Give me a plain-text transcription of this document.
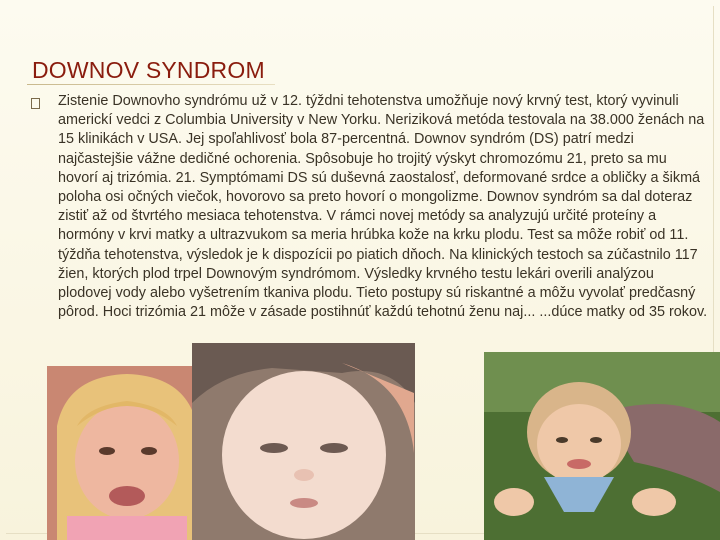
DOWNOV SYNDROM
Zistenie Downovho syndrómu už v 12. týždni tehotenstva umožňuje nový krvný test, ktorý vyvinuli americkí vedci z Columbia University v New Yorku. Neriziková metóda testovala na 38.000 ženách na 15 klinikách v USA. Jej spoľahlivosť bola 87-percentná. Downov syndróm (DS) patrí medzi najčastejšie vážne dedičné ochorenia. Spôsobuje ho trojitý výskyt chromozómu 21, preto sa mu hovorí aj trizómia. 21. Symptómami DS sú duševná zaostalosť, deformované srdce a obličky a šikmá poloha osi očných viečok, hovorovo sa preto hovorí o mongolizme. Downov syndróm sa dal doteraz zistiť až od štvrtého mesiaca tehotenstva. V rámci novej metódy sa analyzujú určité proteíny a hormóny v krvi matky a ultrazvukom sa meria hrúbka kože na krku plodu. Test sa môže robiť od 11. týždňa tehotenstva, výsledok je k dispozícii po piatich dňoch. Na klinických testoch sa zúčastnilo 117 žien, ktorých plod trpel Downovým syndrómom. Výsledky krvného testu lekári overili analýzou plodovej vody alebo vyšetrením tkaniva plodu. Tieto postupy sú riskantné a môžu vyvolať predčasný pôrod. Hoci trizómia 21 môže v zásade postihnúť každú tehotnú ženu naj... ...dúce matky od 35 rokov.
